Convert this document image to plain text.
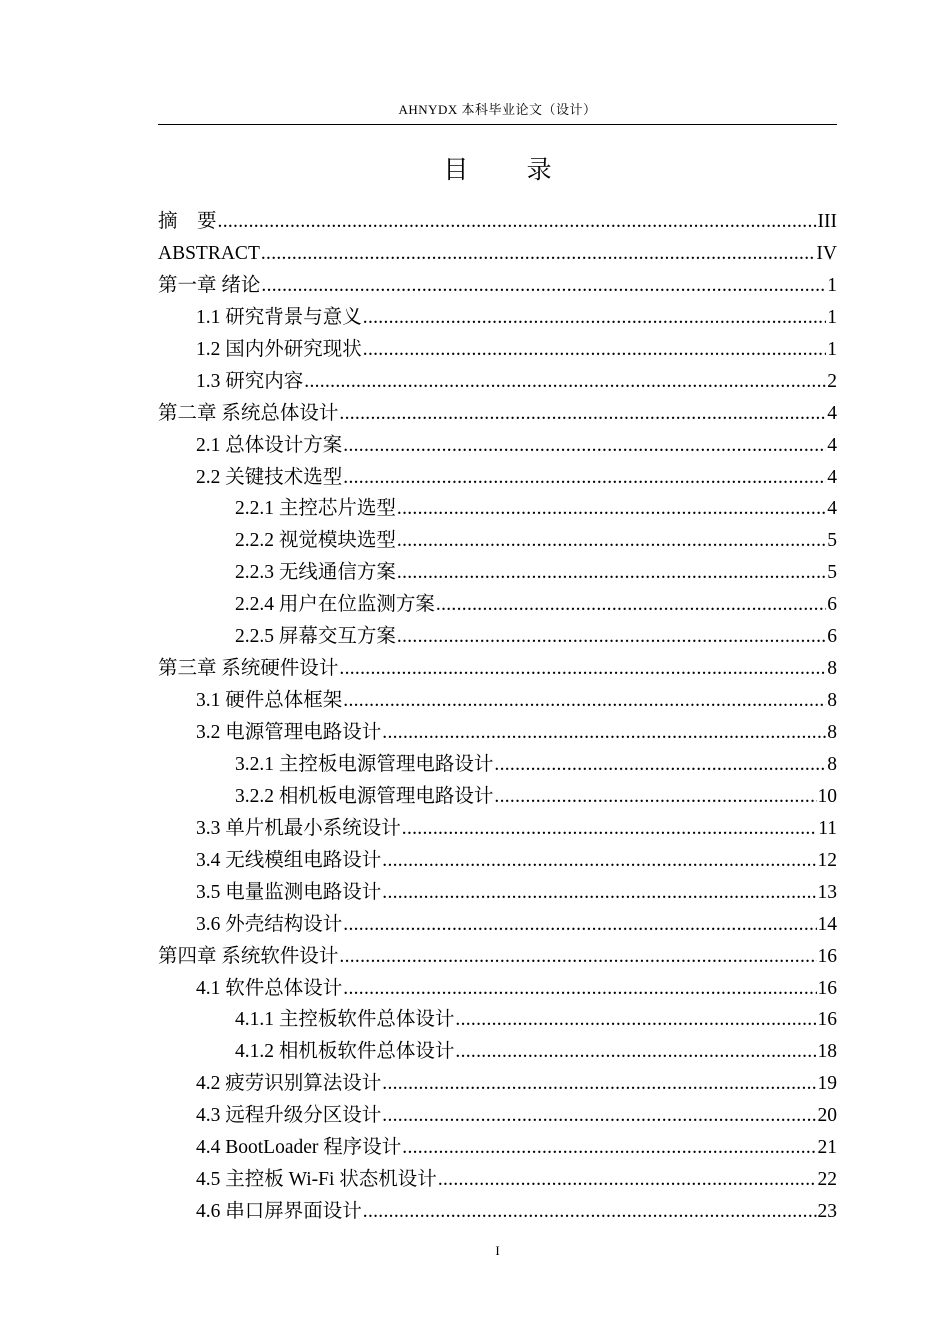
AHNYDX 本科毕业论文（设计）
目 录
摘　要 .....	III
ABSTRACT .....	IV
第一章 绪论 .....	1
1.1 研究背景与意义 .....	1
1.2 国内外研究现状 .....	1
1.3 研究内容 .....	2
第二章 系统总体设计 .....	4
2.1 总体设计方案 .....	4
2.2 关键技术选型 .....	4
2.2.1 主控芯片选型 .....	4
2.2.2 视觉模块选型 .....	5
2.2.3 无线通信方案 .....	5
2.2.4 用户在位监测方案 .....	6
2.2.5 屏幕交互方案 .....	6
第三章 系统硬件设计 .....	8
3.1 硬件总体框架 .....	8
3.2 电源管理电路设计 .....	8
3.2.1 主控板电源管理电路设计 .....	8
3.2.2 相机板电源管理电路设计 .....	10
3.3 单片机最小系统设计 .....	11
3.4 无线模组电路设计 .....	12
3.5 电量监测电路设计 .....	13
3.6 外壳结构设计 .....	14
第四章 系统软件设计 .....	16
4.1 软件总体设计 .....	16
4.1.1 主控板软件总体设计 .....	16
4.1.2 相机板软件总体设计 .....	18
4.2 疲劳识别算法设计 .....	19
4.3 远程升级分区设计 .....	20
4.4 BootLoader 程序设计 .....	21
4.5 主控板 Wi-Fi 状态机设计 .....	22
4.6 串口屏界面设计 .....	23
I
